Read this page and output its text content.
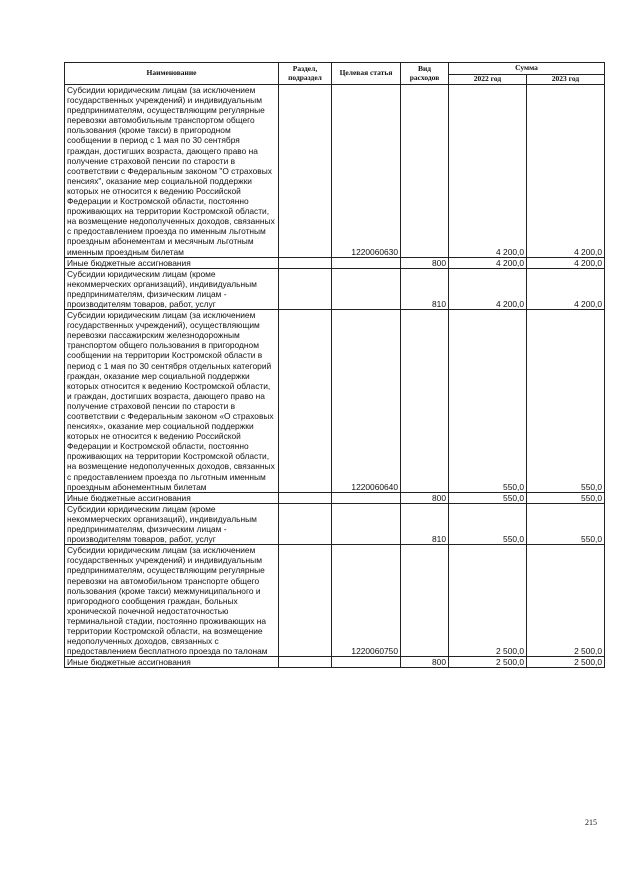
Наименование	Раздел, подраздел	Целевая статья	Вид расходов	Сумма	
				2022 год	2023 год
Субсидии юридическим лицам (за исключением государственных учреждений) и индивидуальным предпринимателям, осуществляющим регулярные перевозки автомобильным транспортом общего пользования (кроме такси) в пригородном сообщении в период с 1 мая по 30 сентября граждан, достигших возраста, дающего право на получение страховой пенсии по старости в соответствии с Федеральным законом "О страховых пенсиях", оказание мер социальной поддержки которых не относится к ведению Российской Федерации и Костромской области, постоянно проживающих на территории Костромской области, на возмещение недополученных доходов, связанных с предоставлением проезда по именным льготным проездным абонементам и месячным льготным именным проездным билетам		1220060630		4 200,0	4 200,0
Иные бюджетные ассигнования			800	4 200,0	4 200,0
Субсидии юридическим лицам (кроме некоммерческих организаций), индивидуальным предпринимателям, физическим лицам - производителям товаров, работ, услуг			810	4 200,0	4 200,0
Субсидии юридическим лицам (за исключением государственных учреждений), осуществляющим перевозки пассажирским железнодорожным транспортом общего пользования в пригородном сообщении на территории Костромской области в период с 1 мая по 30 сентября отдельных категорий граждан, оказание мер социальной поддержки которых относится к ведению Костромской области, и граждан, достигших возраста, дающего право на получение страховой пенсии по старости в соответствии с Федеральным законом «О страховых пенсиях», оказание мер социальной поддержки которых не относится к ведению Российской Федерации и Костромской области, постоянно проживающих на территории Костромской области, на возмещение недополученных доходов, связанных с предоставлением проезда по льготным именным проездным абонементным билетам		1220060640		550,0	550,0
Иные бюджетные ассигнования			800	550,0	550,0
Субсидии юридическим лицам (кроме некоммерческих организаций), индивидуальным предпринимателям, физическим лицам - производителям товаров, работ, услуг			810	550,0	550,0
Субсидии юридическим лицам (за исключением государственных учреждений) и индивидуальным предпринимателям, осуществляющим регулярные перевозки на автомобильном транспорте общего пользования (кроме такси) межмуниципального и пригородного сообщения граждан, больных хронической почечной недостаточностью терминальной стадии, постоянно проживающих на территории Костромской области, на возмещение недополученных доходов, связанных с предоставлением бесплатного проезда по талонам		1220060750		2 500,0	2 500,0
Иные бюджетные ассигнования			800	2 500,0	2 500,0
215
